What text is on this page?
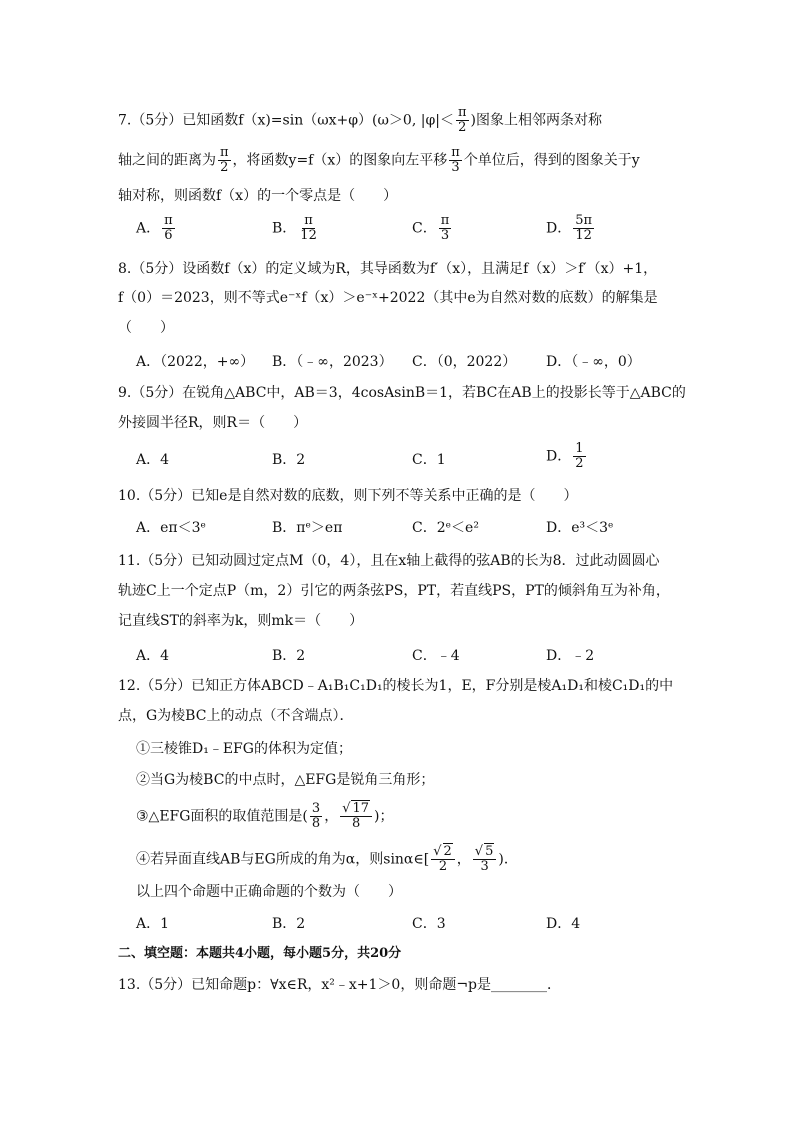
7.（5分）已知函数f（x)=sin（ωx+φ）(ω＞0, $|\varphi|< \frac{\pi}{2}$ )图象上相邻两条对称
轴之间的距离为 $\frac{\pi}{2}$ ，将函数y=f（x）的图象向左平移 $\frac{\pi}{3}$ 个单位后，得到的图象关于y
轴对称，则函数f（x）的一个零点是（　　）
A． $\frac{\pi}{6}$	B． $\frac{\pi}{12}$	C． $\frac{\pi}{3}$	D． $\frac{5\pi}{12}$
8.（5分）设函数f（x）的定义域为R，其导函数为f′（x），且满足f（x）＞f′（x）+1，
f（0）＝2023，则不等式e⁻ˣf（x）＞e⁻ˣ+2022（其中e为自然对数的底数）的解集是
（　　）
A．（2022，+∞） B．（﹣∞，2023） C．（0，2022） D．（﹣∞，0）
9.（5分）在锐角△ABC中，AB＝3，4cosAsinB＝1，若BC在AB上的投影长等于△ABC的
外接圆半径R，则R＝（　　）
A．4	B．2	C．1	D． $\frac{1}{2}$
10.（5分）已知e是自然对数的底数，则下列不等关系中正确的是（　　）
A．eπ＜3ᵉ	B．πᵉ＞eπ	C．2ᵉ＜e²	D．e³＜3ᵉ
11.（5分）已知动圆过定点M（0，4），且在x轴上截得的弦AB的长为8．过此动圆圆心
轨迹C上一个定点P（m，2）引它的两条弦PS，PT，若直线PS，PT的倾斜角互为补角，
记直线ST的斜率为k，则mk＝（　　）
A．4	B．2	C．﹣4	D．﹣2
12.（5分）已知正方体ABCD﹣A₁B₁C₁D₁的棱长为1，E，F分别是棱A₁D₁和棱C₁D₁的中
点，G为棱BC上的动点（不含端点）．
①三棱锥D₁﹣EFG的体积为定值；
②当G为棱BC的中点时，△EFG是锐角三角形；
③△EFG面积的取值范围是( $\frac{3}{8}$ ， $\frac{√ 17}{8}$ )；
④若异面直线AB与EG所成的角为α，则sinα∈[ $\frac{√ 2}{2}$ ， $\frac{√ 5}{3}$ )．
以上四个命题中正确命题的个数为（　　）
A．1	B．2	C．3	D．4
二、填空题：本题共4小题，每小题5分，共20分
13.（5分）已知命题p：∀x∈R，x²﹣x+1＞0，则命题¬p是________．
